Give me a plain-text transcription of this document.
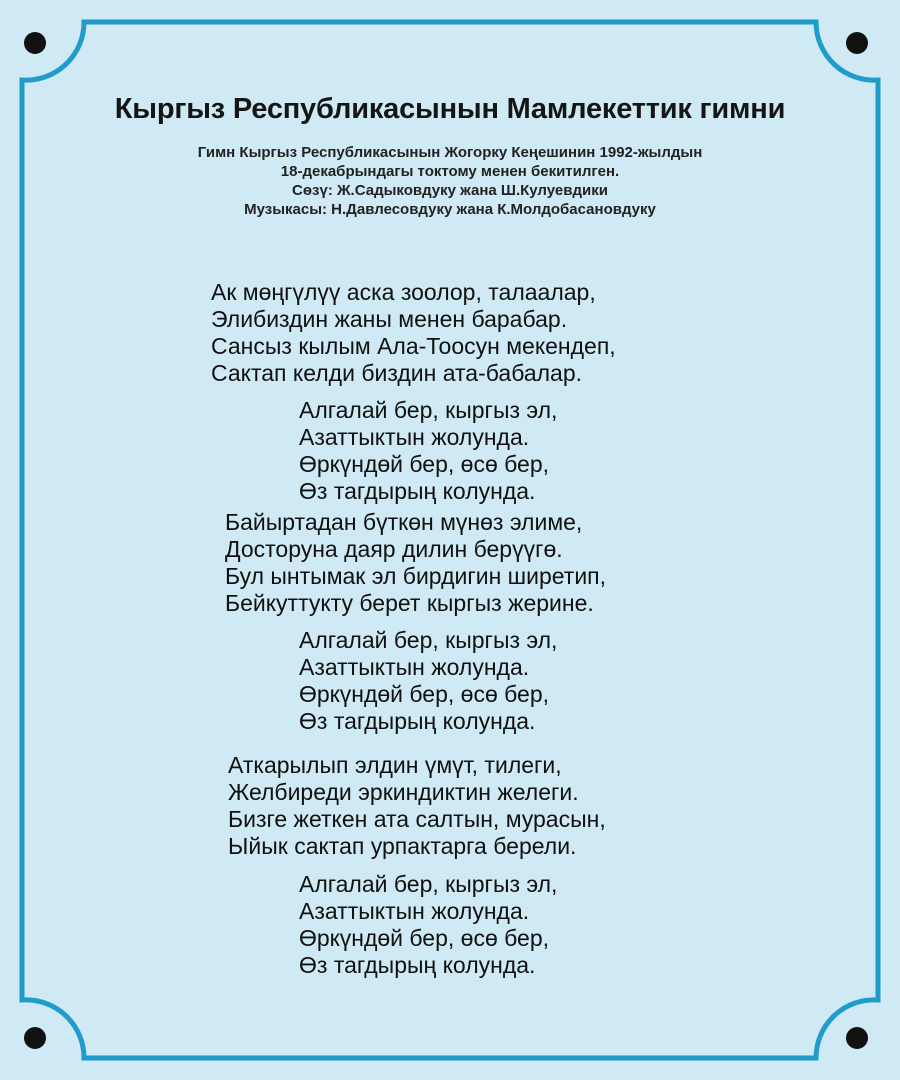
Кыргыз Республикасынын Мамлекеттик гимни
Гимн Кыргыз Республикасынын Жогорку Кеңешинин 1992-жылдын
18-декабрындагы токтому менен бекитилген.
Сөзү: Ж.Садыковдуку жана Ш.Кулуевдики
Музыкасы: Н.Давлесовдуку жана К.Молдобасановдуку
Ак мөңгүлүү аска зоолор, талаалар,
Элибиздин жаны менен барабар.
Сансыз кылым Ала-Тоосун мекендеп,
Сактап келди биздин ата-бабалар.
Алгалай бер, кыргыз эл,
Азаттыктын жолунда.
Өркүндөй бер, өсө бер,
Өз тагдырың колунда.
Байыртадан бүткөн мүнөз элиме,
Досторуна даяр дилин берүүгө.
Бул ынтымак эл бирдигин ширетип,
Бейкуттукту берет кыргыз жерине.
Алгалай бер, кыргыз эл,
Азаттыктын жолунда.
Өркүндөй бер, өсө бер,
Өз тагдырың колунда.
Аткарылып элдин үмүт, тилеги,
Желбиреди эркиндиктин желеги.
Бизге жеткен ата салтын, мурасын,
Ыйык сактап урпактарга берели.
Алгалай бер, кыргыз эл,
Азаттыктын жолунда.
Өркүндөй бер, өсө бер,
Өз тагдырың колунда.
